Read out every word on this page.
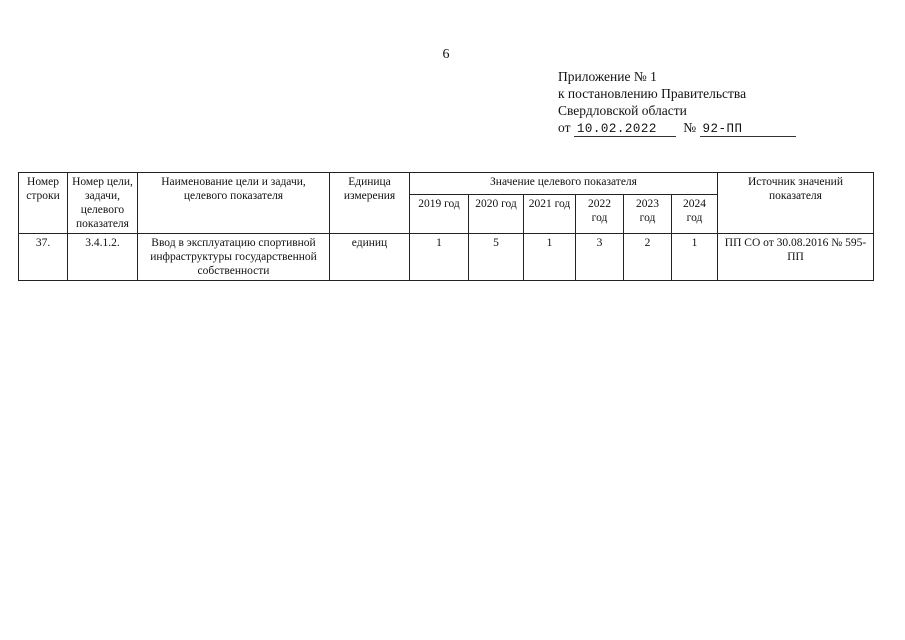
6
Приложение № 1
к постановлению Правительства
Свердловской области
от 10.02.2022 № 92-ПП
Номер строки	Номер цели, задачи, целевого показателя	Наименование цели и задачи, целевого показателя	Единица измерения	Значение целевого показателя						Источник значений показателя
				2019 год	2020 год	2021 год	2022 год	2023 год	2024 год	
37.	3.4.1.2.	Ввод в эксплуатацию спортивной инфраструктуры государственной собственности	единиц	1	5	1	3	2	1	ПП СО от 30.08.2016 № 595-ПП
